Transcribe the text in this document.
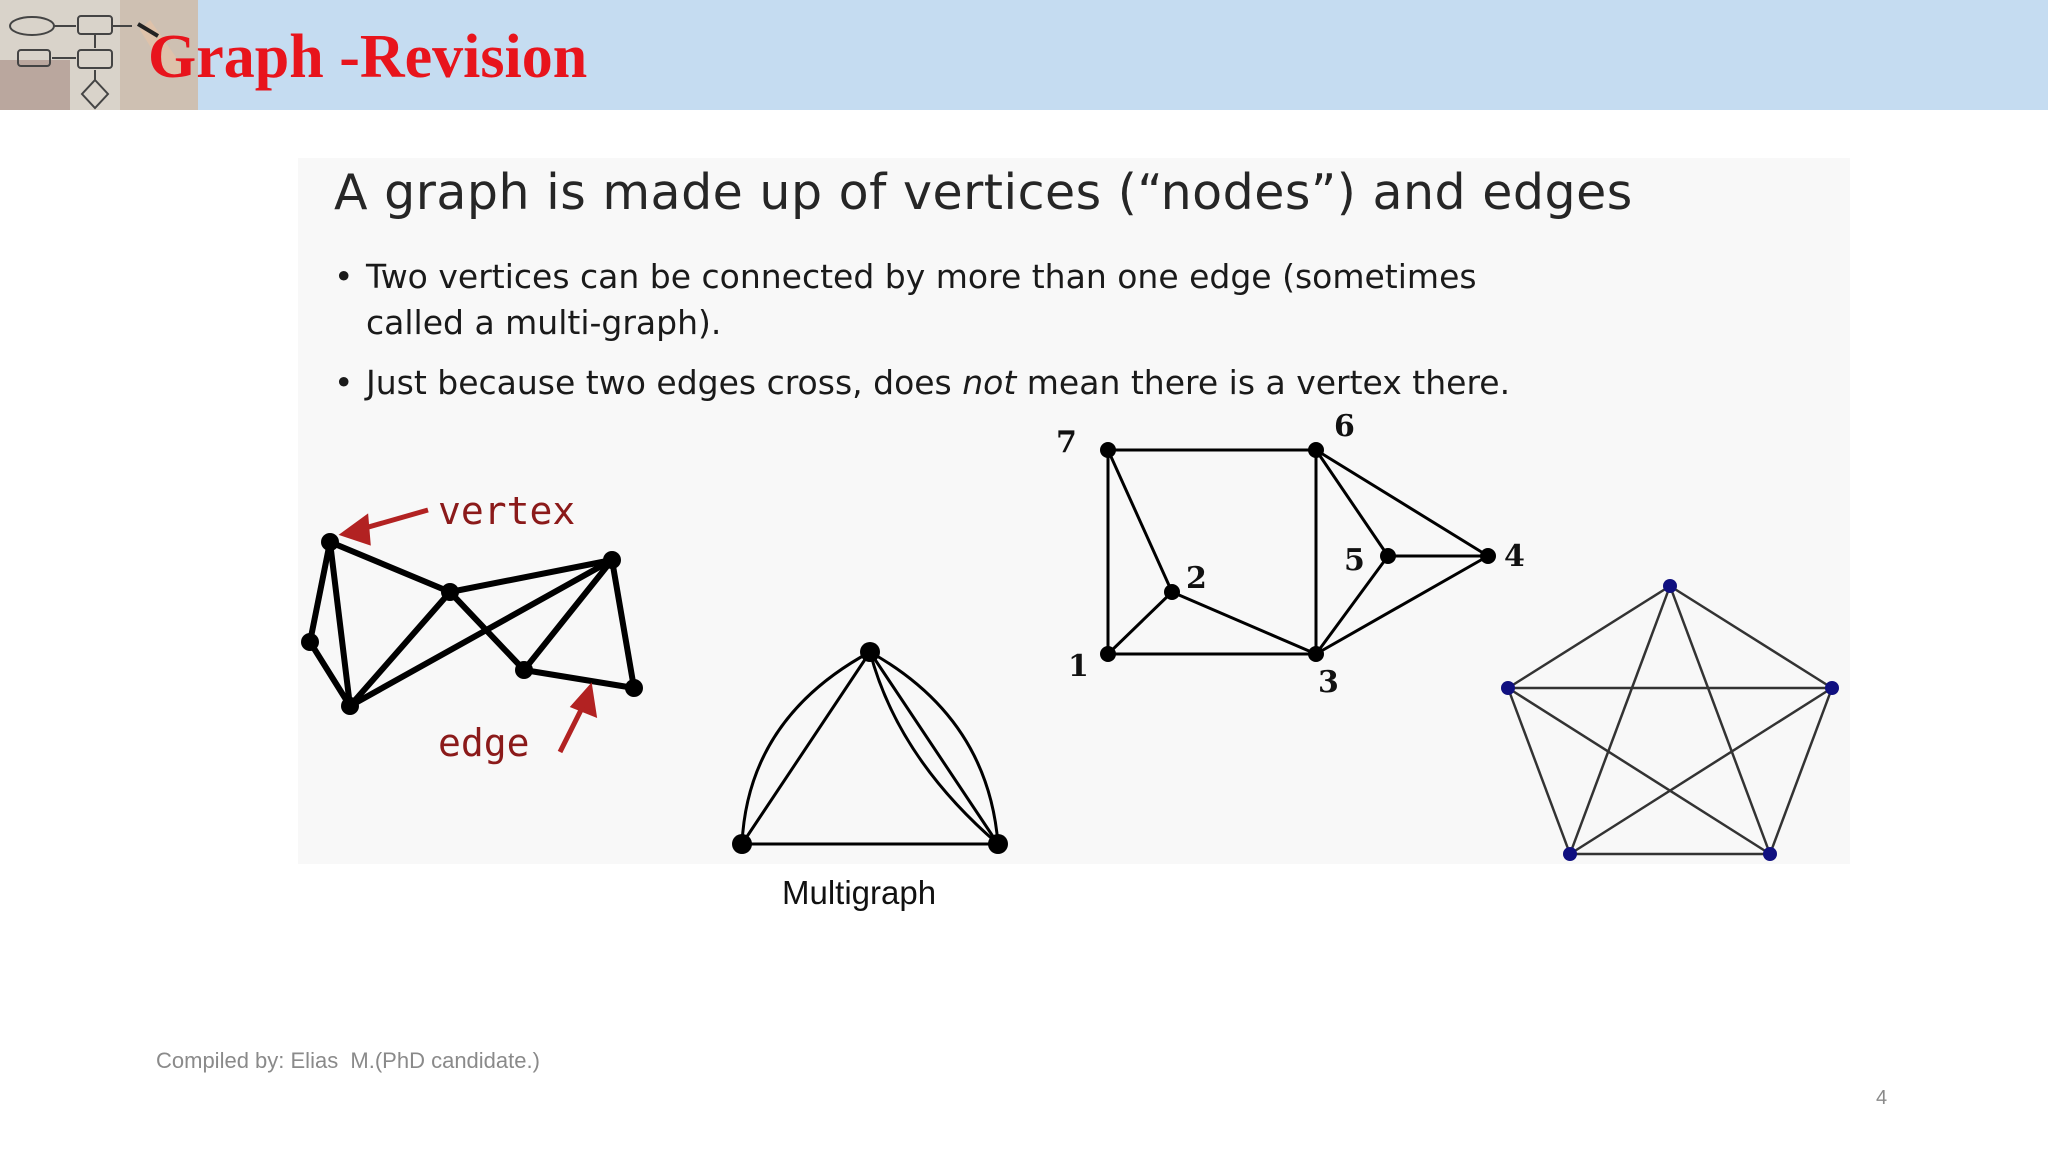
Graph -Revision
A graph is made up of vertices (“nodes”) and edges
• Two vertices can be connected by more than one edge (sometimes
called a multi-graph).
• Just because two edges cross, does not mean there is a vertex there.
vertex
edge
1
2
3
4
5
6
7
Multigraph
Compiled by: Elias  M.(PhD candidate.)
4
